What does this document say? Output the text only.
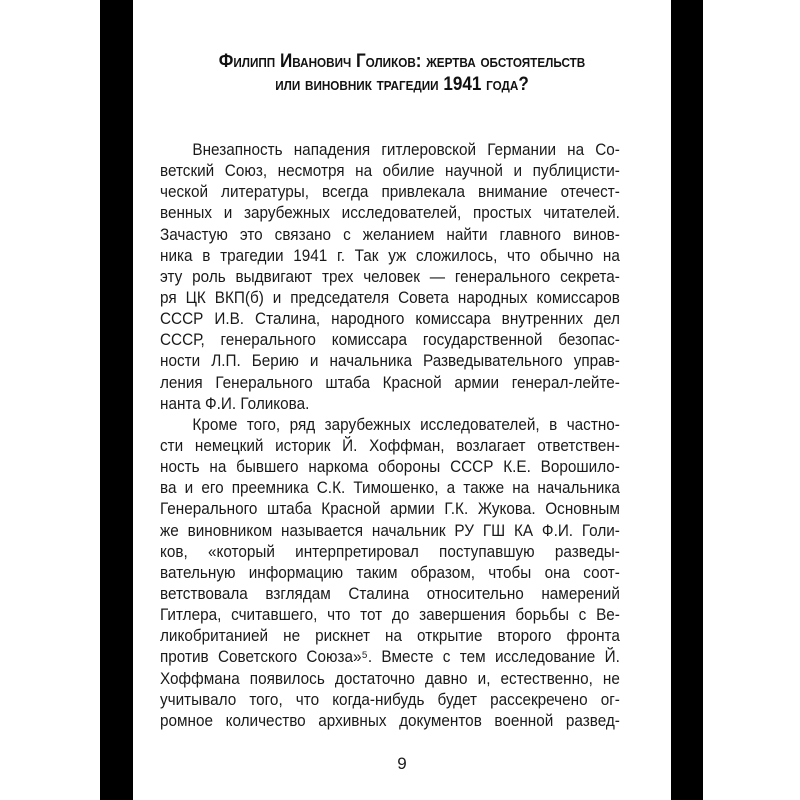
Филипп Иванович Голиков: жертва обстоятельств
или виновник трагедии 1941 года?
Внезапность нападения гитлеровской Германии на Со-
ветский Союз, несмотря на обилие научной и публицисти-
ческой литературы, всегда привлекала внимание отечест-
венных и зарубежных исследователей, простых читателей.
Зачастую это связано с желанием найти главного винов-
ника в трагедии 1941 г. Так уж сложилось, что обычно на
эту роль выдвигают трех человек — генерального секрета-
ря ЦК ВКП(б) и председателя Совета народных комиссаров
СССР И.В. Сталина, народного комиссара внутренних дел
СССР, генерального комиссара государственной безопас-
ности Л.П. Берию и начальника Разведывательного управ-
ления Генерального штаба Красной армии генерал-лейте-
нанта Ф.И. Голикова.
Кроме того, ряд зарубежных исследователей, в частно-
сти немецкий историк Й. Хоффман, возлагает ответствен-
ность на бывшего наркома обороны СССР К.Е. Ворошило-
ва и его преемника С.К. Тимошенко, а также на начальника
Генерального штаба Красной армии Г.К. Жукова. Основным
же виновником называется начальник РУ ГШ КА Ф.И. Голи-
ков, «который интерпретировал поступавшую разведы-
вательную информацию таким образом, чтобы она соот-
ветствовала взглядам Сталина относительно намерений
Гитлера, считавшего, что тот до завершения борьбы с Ве-
ликобританией не рискнет на открытие второго фронта
против Советского Союза»⁵. Вместе с тем исследование Й.
Хоффмана появилось достаточно давно и, естественно, не
учитывало того, что когда-нибудь будет рассекречено ог-
ромное количество архивных документов военной развед-
9
